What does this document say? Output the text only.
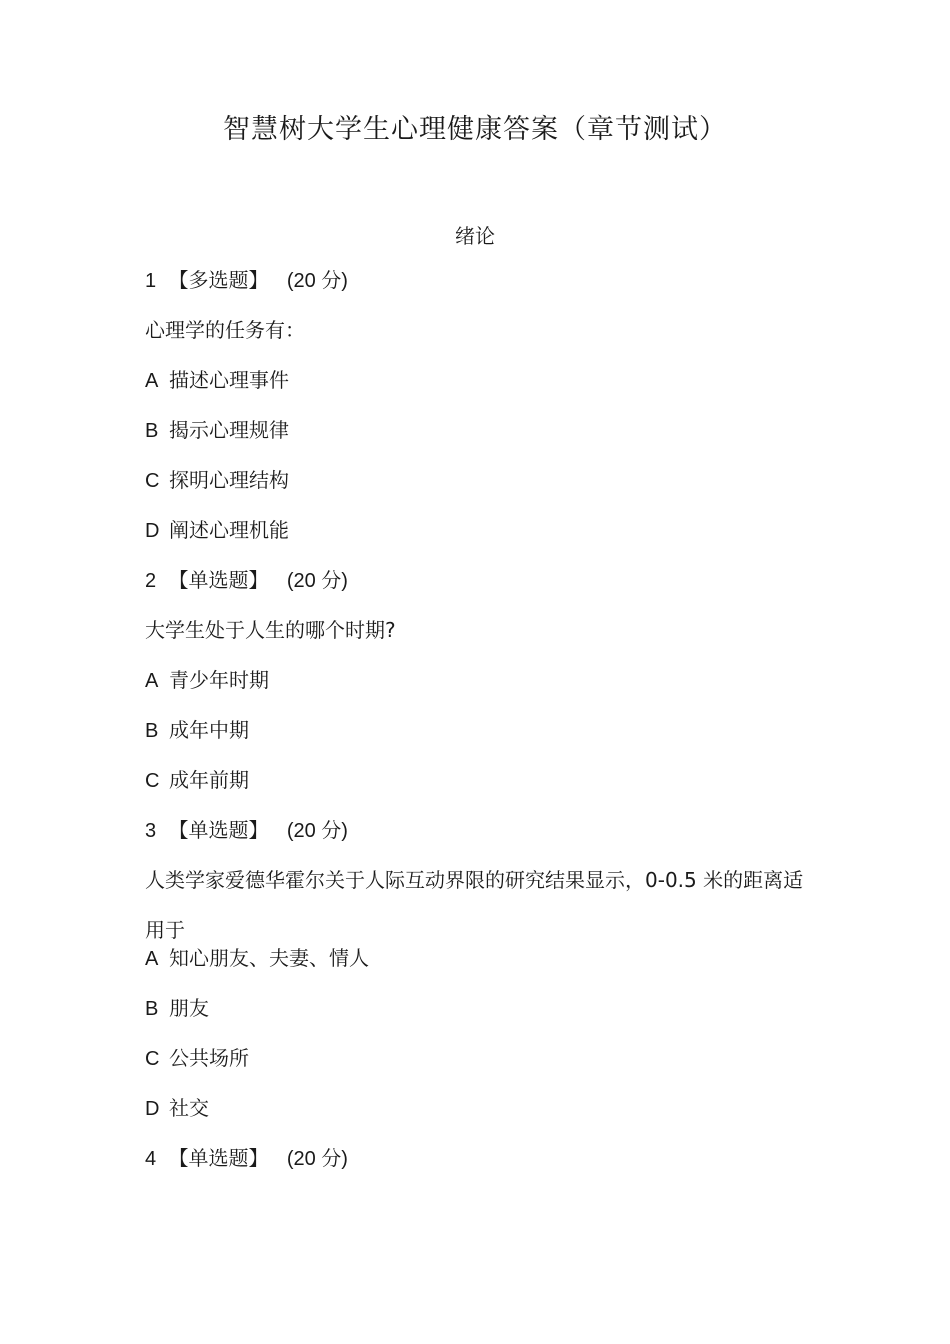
智慧树大学生心理健康答案（章节测试）
绪论
1 【多选题】 (20 分)
心理学的任务有：
A 描述心理事件
B 揭示心理规律
C 探明心理结构
D 阐述心理机能
2 【单选题】 (20 分)
大学生处于人生的哪个时期?
A 青少年时期
B 成年中期
C 成年前期
3 【单选题】 (20 分)
人类学家爱德华霍尔关于人际互动界限的研究结果显示，0-0.5 米的距离适用于
A 知心朋友、夫妻、情人
B 朋友
C 公共场所
D 社交
4 【单选题】 (20 分)
